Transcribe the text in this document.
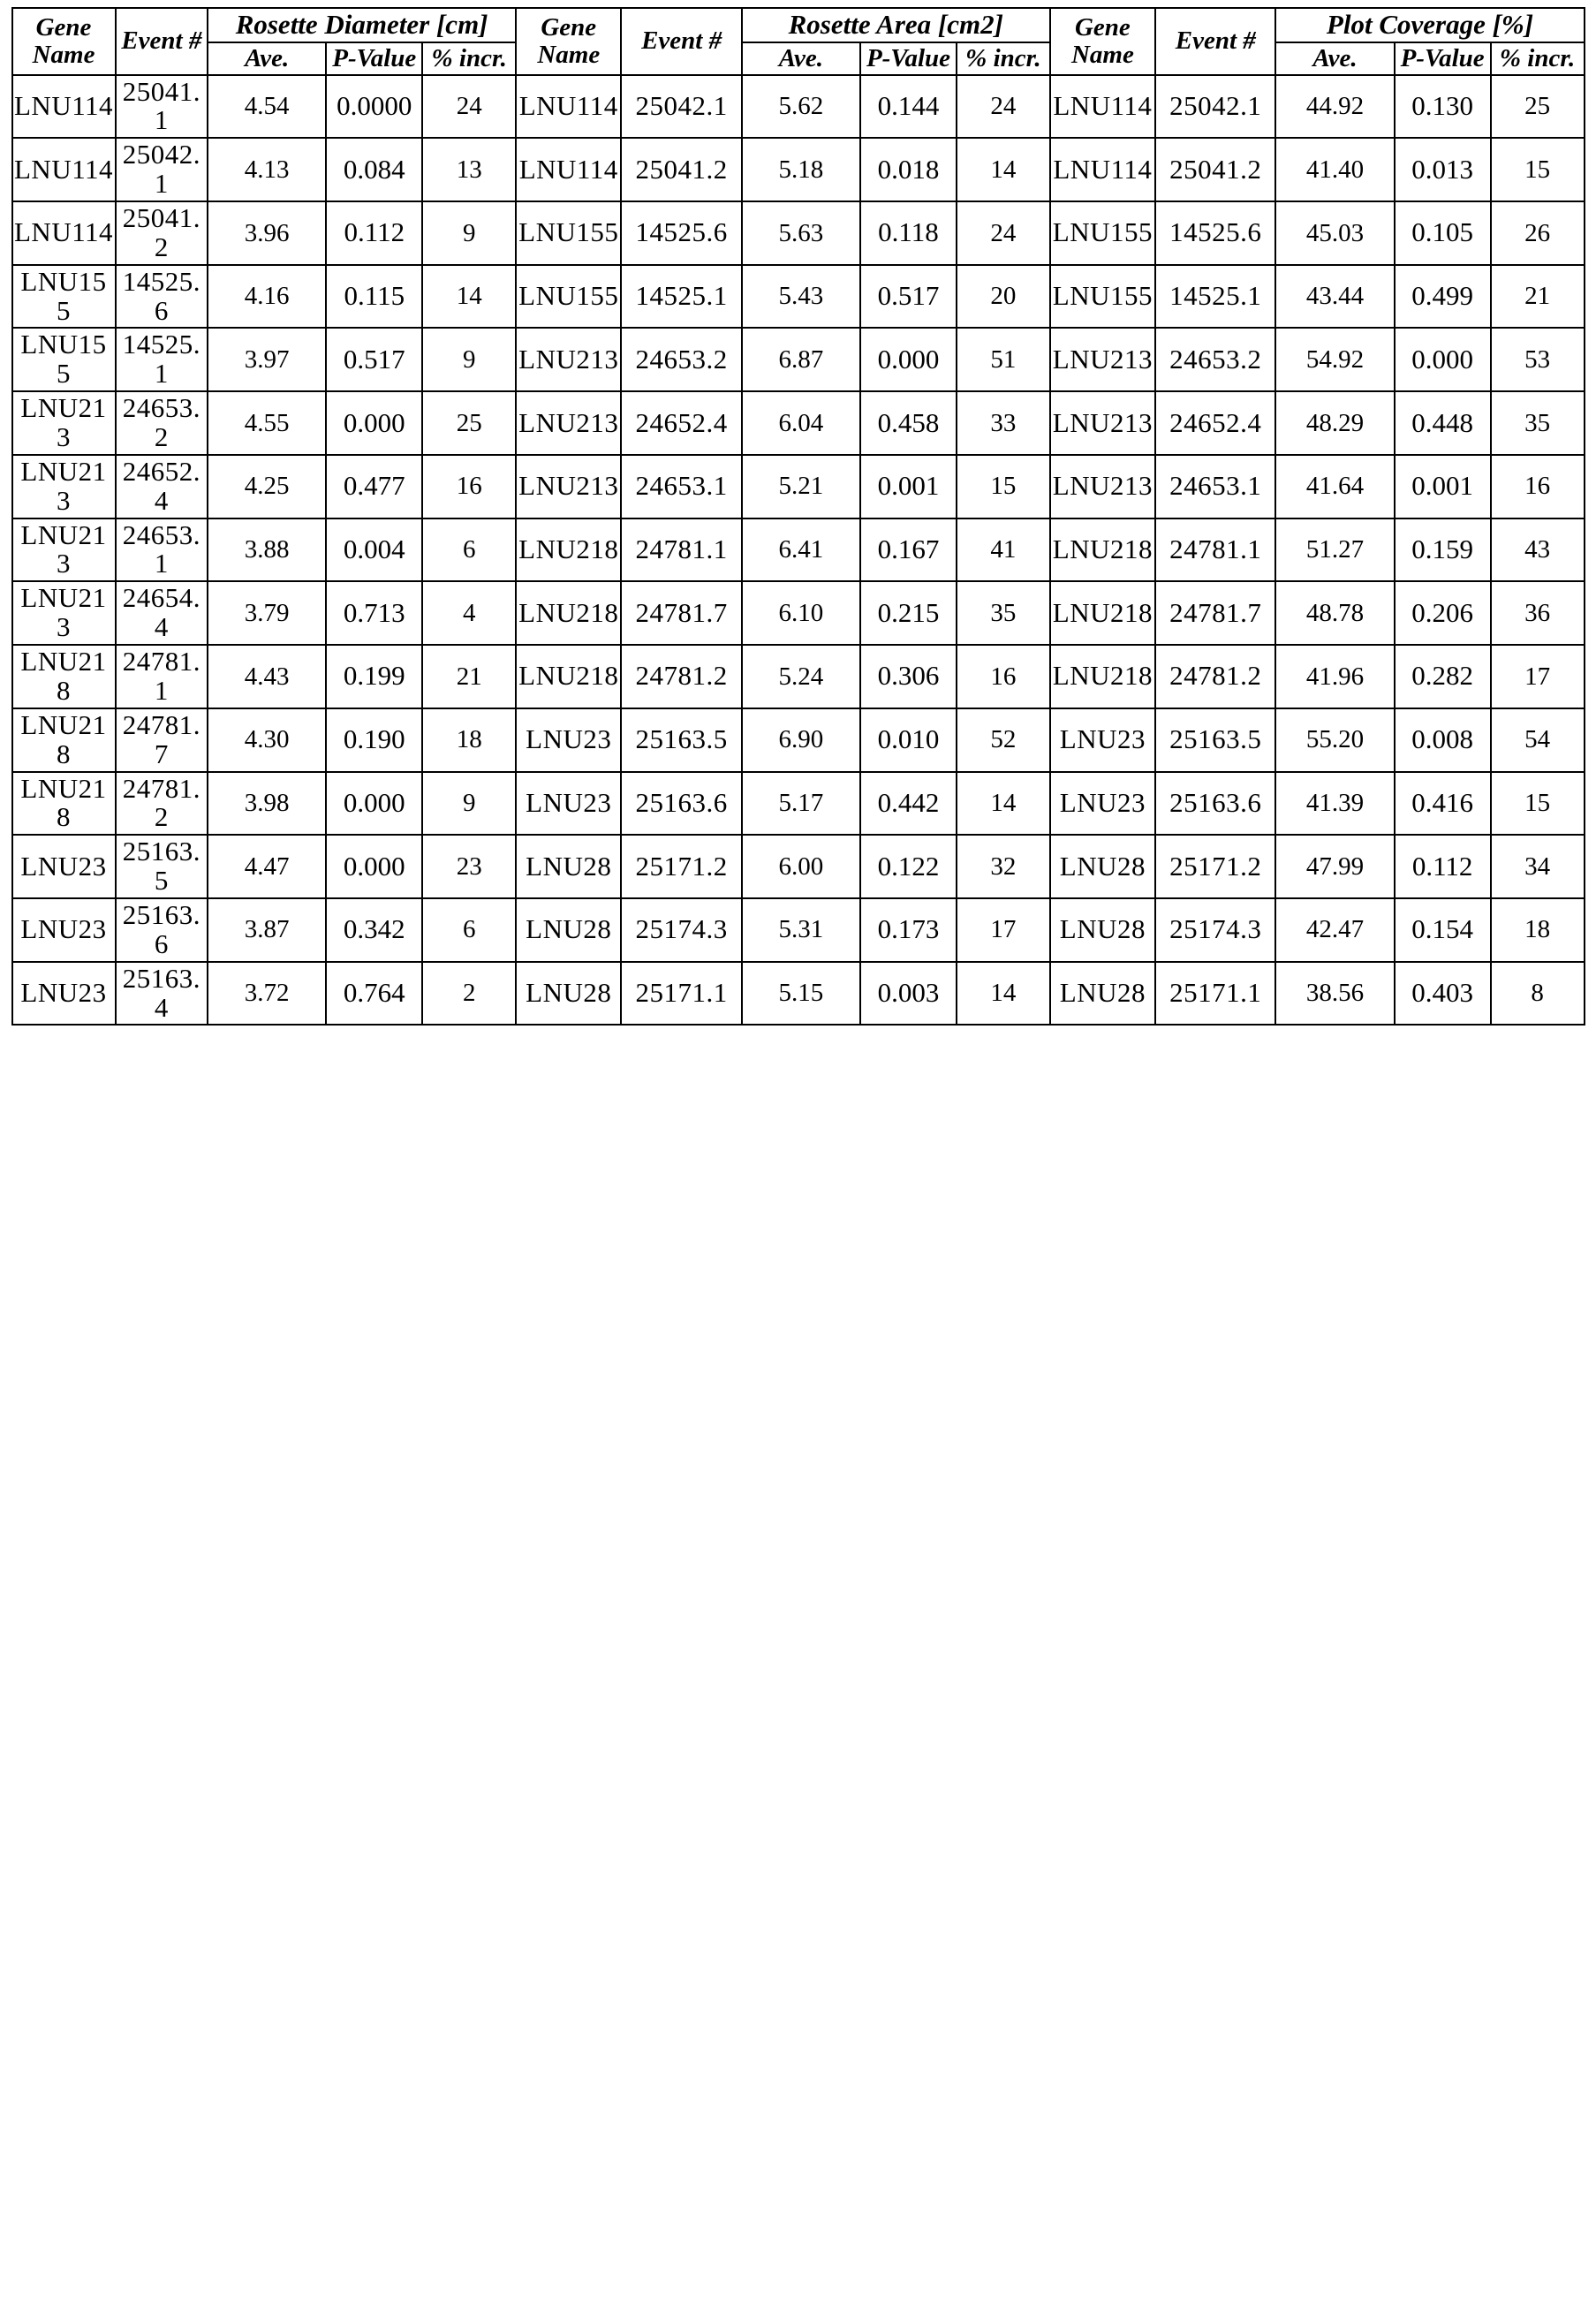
Gene Name	Event #	Rosette Diameter [cm]			Gene Name	Event #	Rosette Area [cm2]			Gene Name	Event #	Plot Coverage [%]		
		Ave.	P-Value	% incr.			Ave.	P-Value	% incr.			Ave.	P-Value	% incr.
LNU114	25041.1	4.54	0.0000	24	LNU114	25042.1	5.62	0.144	24	LNU114	25042.1	44.92	0.130	25
LNU114	25042.1	4.13	0.084	13	LNU114	25041.2	5.18	0.018	14	LNU114	25041.2	41.40	0.013	15
LNU114	25041.2	3.96	0.112	9	LNU155	14525.6	5.63	0.118	24	LNU155	14525.6	45.03	0.105	26
LNU155	14525.6	4.16	0.115	14	LNU155	14525.1	5.43	0.517	20	LNU155	14525.1	43.44	0.499	21
LNU155	14525.1	3.97	0.517	9	LNU213	24653.2	6.87	0.000	51	LNU213	24653.2	54.92	0.000	53
LNU213	24653.2	4.55	0.000	25	LNU213	24652.4	6.04	0.458	33	LNU213	24652.4	48.29	0.448	35
LNU213	24652.4	4.25	0.477	16	LNU213	24653.1	5.21	0.001	15	LNU213	24653.1	41.64	0.001	16
LNU213	24653.1	3.88	0.004	6	LNU218	24781.1	6.41	0.167	41	LNU218	24781.1	51.27	0.159	43
LNU213	24654.4	3.79	0.713	4	LNU218	24781.7	6.10	0.215	35	LNU218	24781.7	48.78	0.206	36
LNU218	24781.1	4.43	0.199	21	LNU218	24781.2	5.24	0.306	16	LNU218	24781.2	41.96	0.282	17
LNU218	24781.7	4.30	0.190	18	LNU23	25163.5	6.90	0.010	52	LNU23	25163.5	55.20	0.008	54
LNU218	24781.2	3.98	0.000	9	LNU23	25163.6	5.17	0.442	14	LNU23	25163.6	41.39	0.416	15
LNU23	25163.5	4.47	0.000	23	LNU28	25171.2	6.00	0.122	32	LNU28	25171.2	47.99	0.112	34
LNU23	25163.6	3.87	0.342	6	LNU28	25174.3	5.31	0.173	17	LNU28	25174.3	42.47	0.154	18
LNU23	25163.4	3.72	0.764	2	LNU28	25171.1	5.15	0.003	14	LNU28	25171.1	38.56	0.403	8
